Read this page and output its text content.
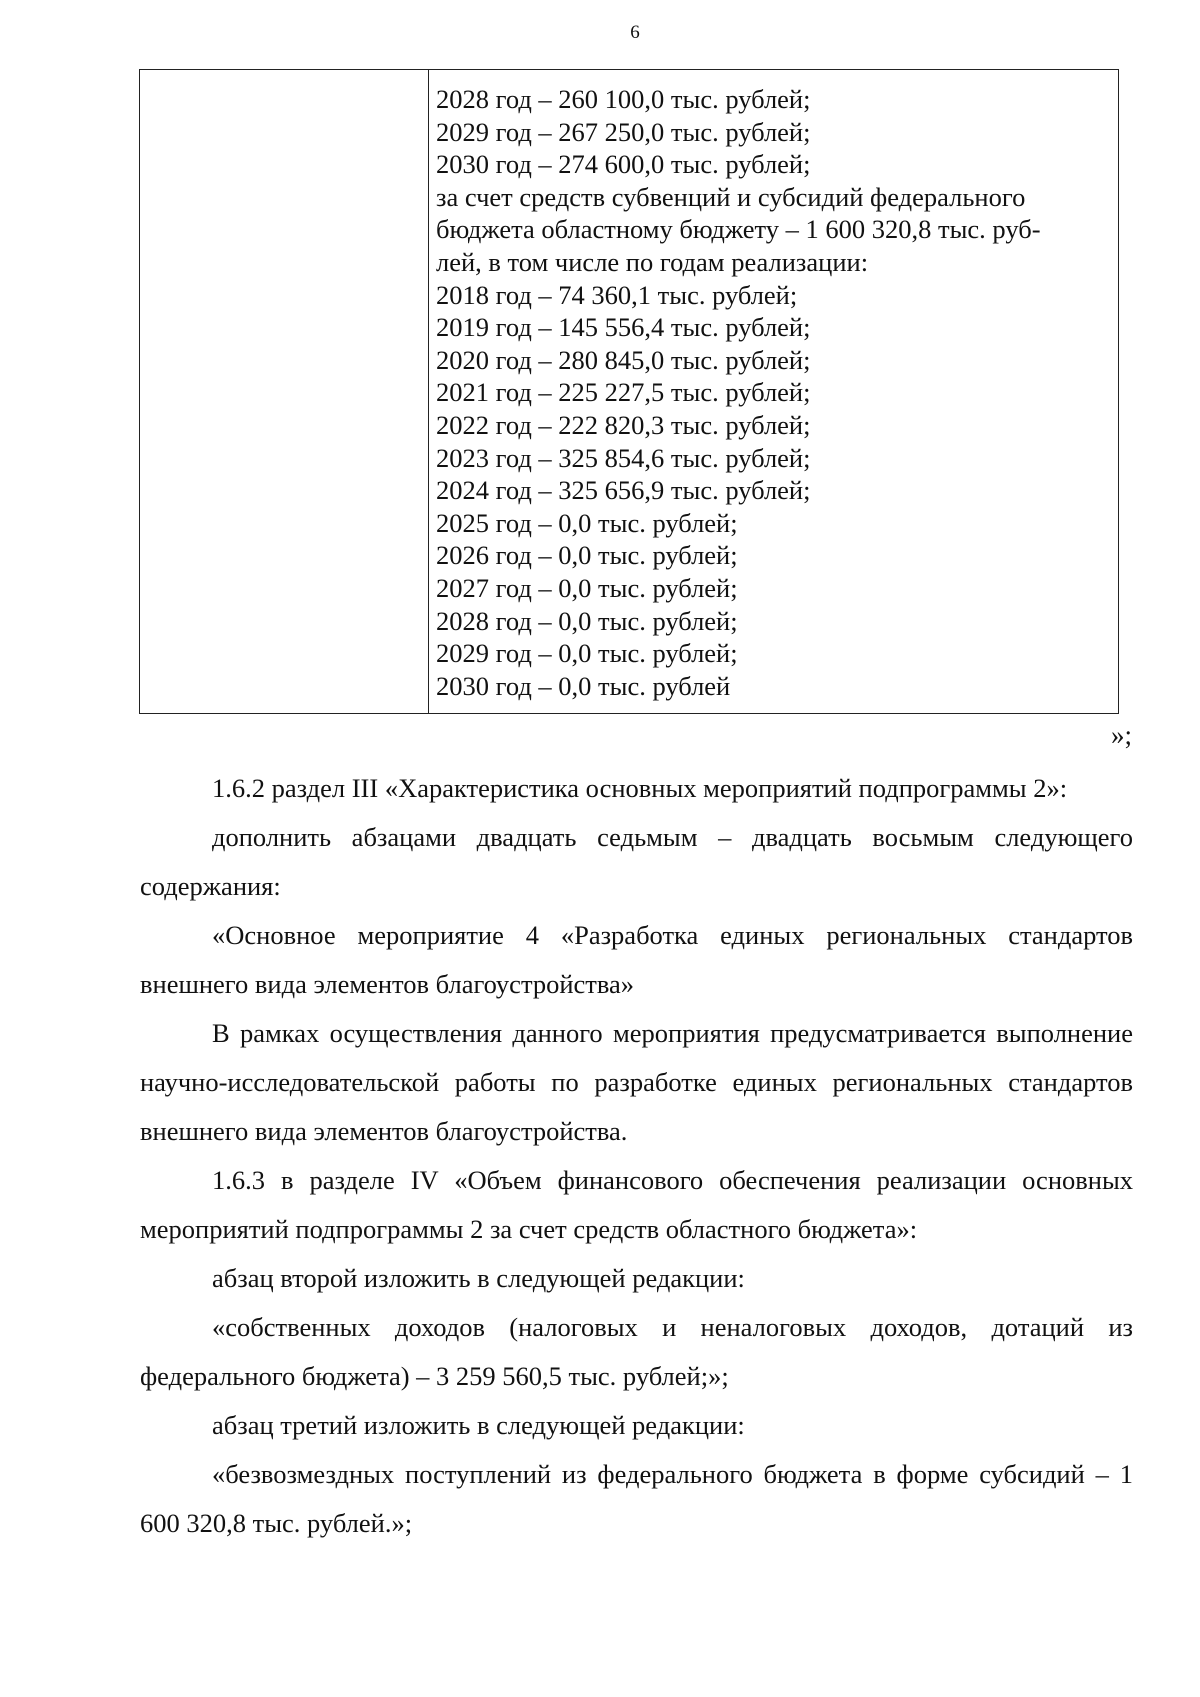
6
2028 год – 260 100,0 тыс. рублей;
2029 год – 267 250,0 тыс. рублей;
2030 год – 274 600,0 тыс. рублей;
за счет средств субвенций и субсидий федерального
бюджета областному бюджету – 1 600 320,8 тыс. руб-
лей, в том числе по годам реализации:
2018 год – 74 360,1 тыс. рублей;
2019 год – 145 556,4 тыс. рублей;
2020 год – 280 845,0 тыс. рублей;
2021 год – 225 227,5 тыс. рублей;
2022 год – 222 820,3 тыс. рублей;
2023 год – 325 854,6 тыс. рублей;
2024 год – 325 656,9 тыс. рублей;
2025 год – 0,0 тыс. рублей;
2026 год – 0,0 тыс. рублей;
2027 год – 0,0 тыс. рублей;
2028 год – 0,0 тыс. рублей;
2029 год – 0,0 тыс. рублей;
2030 год – 0,0 тыс. рублей
»;

1.6.2 раздел III «Характеристика основных мероприятий подпрограммы 2»:

дополнить абзацами двадцать седьмым – двадцать восьмым следующего содержания:

«Основное мероприятие 4 «Разработка единых региональных стандартов внешнего вида элементов благоустройства»

В рамках осуществления данного мероприятия предусматривается выполнение научно-исследовательской работы по разработке единых региональных стандартов внешнего вида элементов благоустройства.

1.6.3 в разделе IV «Объем финансового обеспечения реализации основных мероприятий подпрограммы 2 за счет средств областного бюджета»:

абзац второй изложить в следующей редакции:

«собственных доходов (налоговых и неналоговых доходов, дотаций из федерального бюджета) – 3 259 560,5 тыс. рублей;»;

абзац третий изложить в следующей редакции:

«безвозмездных поступлений из федерального бюджета в форме субсидий – 1 600 320,8 тыс. рублей.»;
